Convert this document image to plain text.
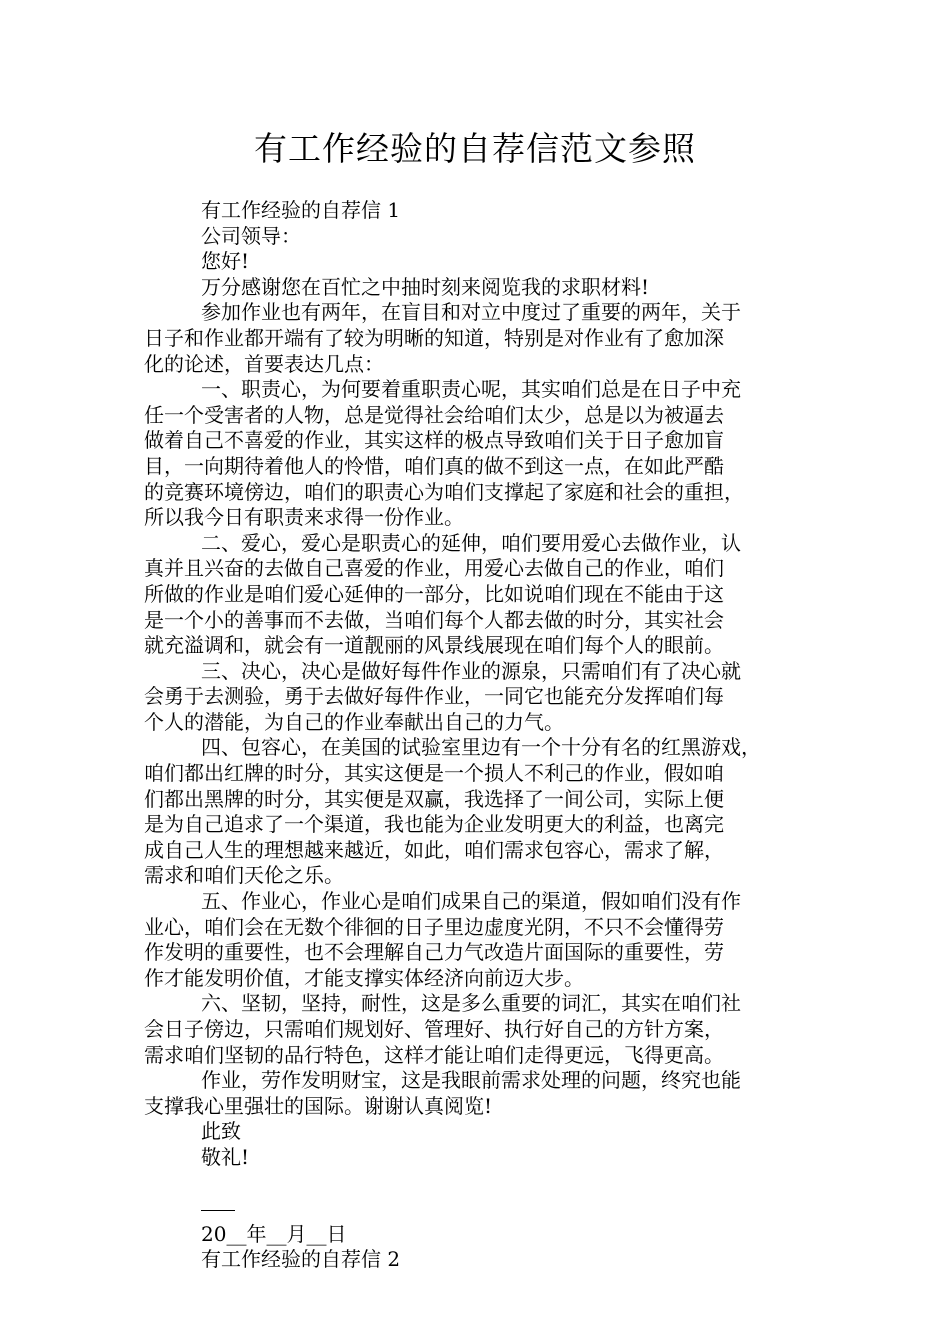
有工作经验的自荐信范文参照
有工作经验的自荐信 1
公司领导：
您好!
万分感谢您在百忙之中抽时刻来阅览我的求职材料!
参加作业也有两年，在盲目和对立中度过了重要的两年，关于
日子和作业都开端有了较为明晰的知道，特别是对作业有了愈加深
化的论述，首要表达几点：
一、职责心，为何要着重职责心呢，其实咱们总是在日子中充
任一个受害者的人物，总是觉得社会给咱们太少，总是以为被逼去
做着自己不喜爱的作业，其实这样的极点导致咱们关于日子愈加盲
目，一向期待着他人的怜惜，咱们真的做不到这一点，在如此严酷
的竞赛环境傍边，咱们的职责心为咱们支撑起了家庭和社会的重担，
所以我今日有职责来求得一份作业。
二、爱心，爱心是职责心的延伸，咱们要用爱心去做作业，认
真并且兴奋的去做自己喜爱的作业，用爱心去做自己的作业，咱们
所做的作业是咱们爱心延伸的一部分，比如说咱们现在不能由于这
是一个小的善事而不去做，当咱们每个人都去做的时分，其实社会
就充溢调和，就会有一道靓丽的风景线展现在咱们每个人的眼前。
三、决心，决心是做好每件作业的源泉，只需咱们有了决心就
会勇于去测验，勇于去做好每件作业，一同它也能充分发挥咱们每
个人的潜能，为自己的作业奉献出自己的力气。
四、包容心，在美国的试验室里边有一个十分有名的红黑游戏，
咱们都出红牌的时分，其实这便是一个损人不利己的作业，假如咱
们都出黑牌的时分，其实便是双赢，我选择了一间公司，实际上便
是为自己追求了一个渠道，我也能为企业发明更大的利益，也离完
成自己人生的理想越来越近，如此，咱们需求包容心，需求了解，
需求和咱们天伦之乐。
五、作业心，作业心是咱们成果自己的渠道，假如咱们没有作
业心，咱们会在无数个徘徊的日子里边虚度光阴，不只不会懂得劳
作发明的重要性，也不会理解自己力气改造片面国际的重要性，劳
作才能发明价值，才能支撑实体经济向前迈大步。
六、坚韧，坚持，耐性，这是多么重要的词汇，其实在咱们社
会日子傍边，只需咱们规划好、管理好、执行好自己的方针方案，
需求咱们坚韧的品行特色，这样才能让咱们走得更远，飞得更高。
作业，劳作发明财宝，这是我眼前需求处理的问题，终究也能
支撑我心里强壮的国际。谢谢认真阅览!
此致
敬礼!
20__年__月__日
有工作经验的自荐信 2
